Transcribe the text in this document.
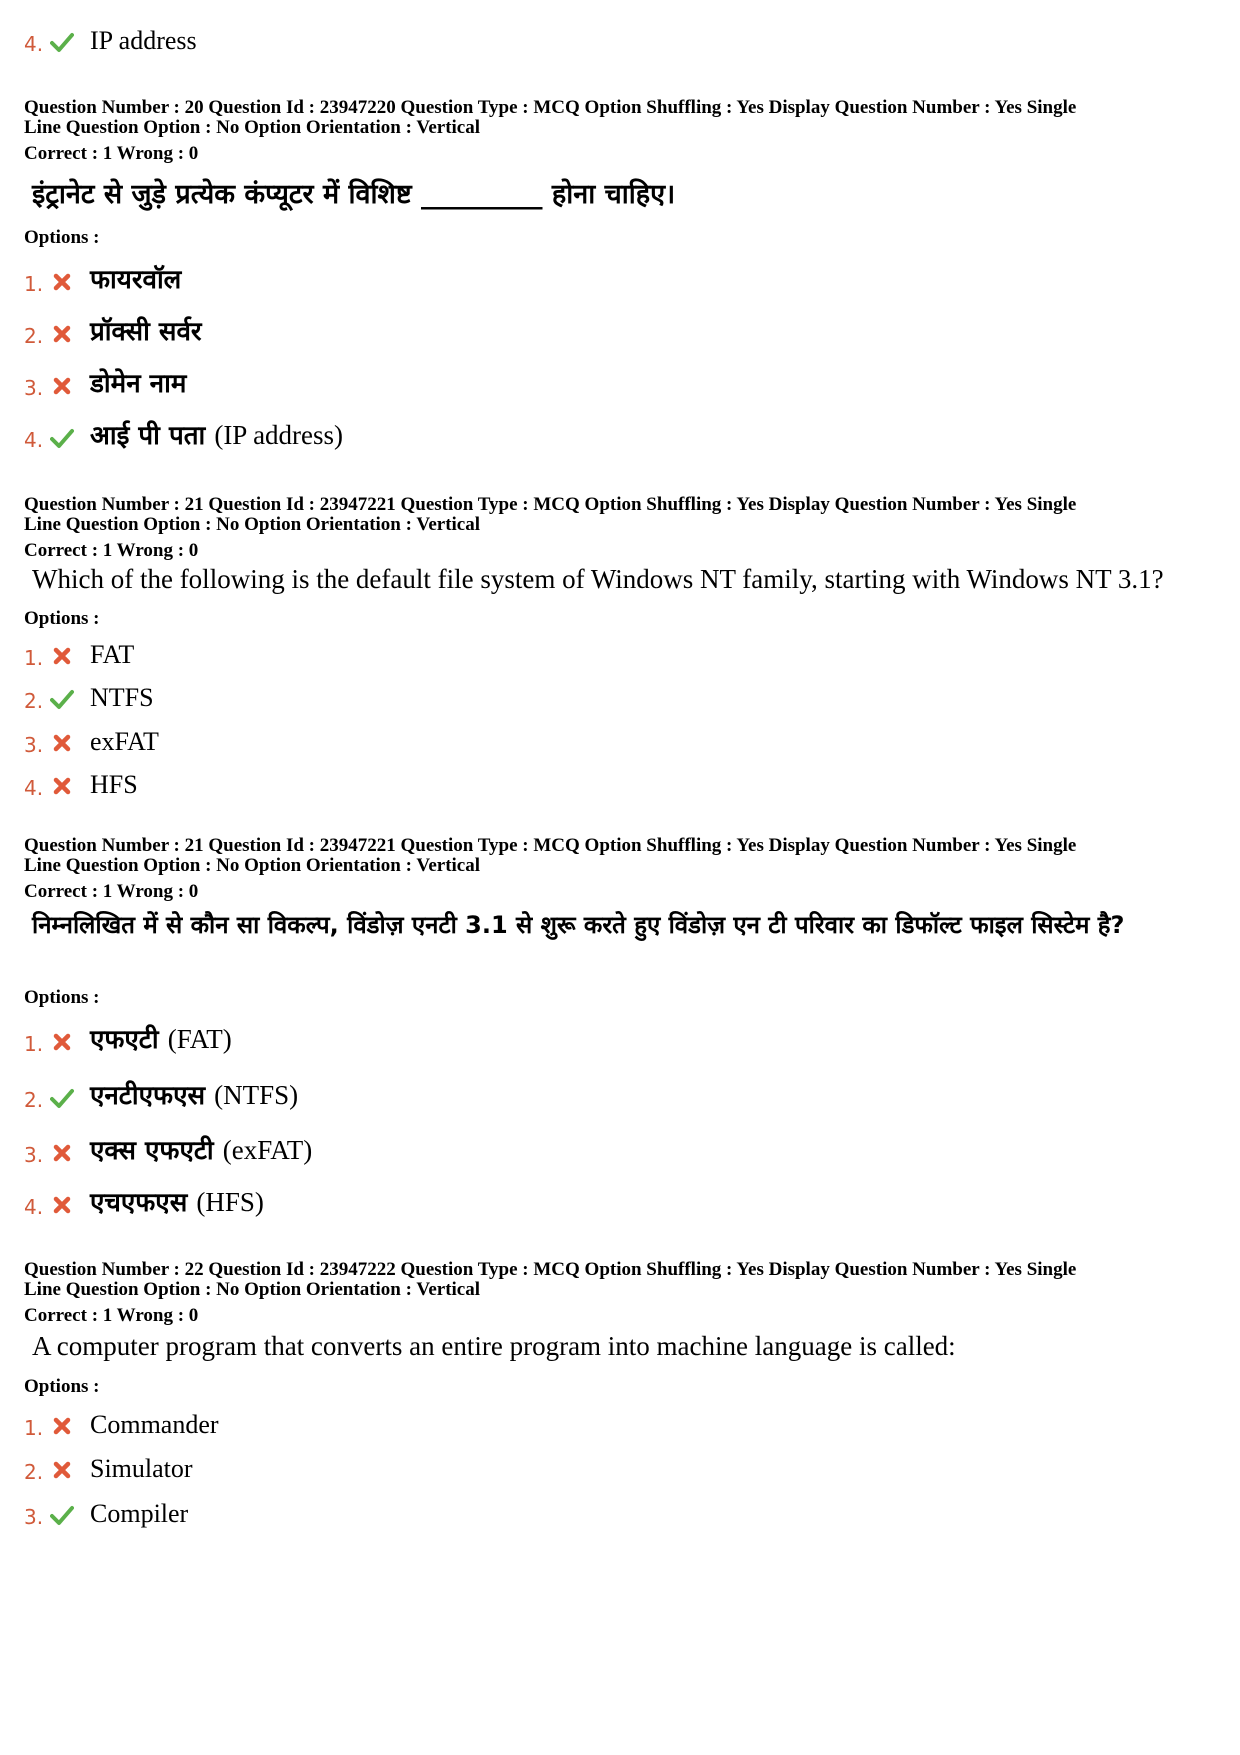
4. IP address
Question Number : 20 Question Id : 23947220 Question Type : MCQ Option Shuffling : Yes Display Question Number : Yes Single
Line Question Option : No Option Orientation : Vertical
Correct : 1 Wrong : 0
इंट्रानेट से जुड़े प्रत्येक कंप्यूटर में विशिष्ट _________ होना चाहिए।
Options :
1. फायरवॉल
2. प्रॉक्सी सर्वर
3. डोमेन नाम
4. आई पी पता (IP address)
Question Number : 21 Question Id : 23947221 Question Type : MCQ Option Shuffling : Yes Display Question Number : Yes Single
Line Question Option : No Option Orientation : Vertical
Correct : 1 Wrong : 0
Which of the following is the default file system of Windows NT family, starting with Windows NT 3.1?
Options :
1. FAT
2. NTFS
3. exFAT
4. HFS
Question Number : 21 Question Id : 23947221 Question Type : MCQ Option Shuffling : Yes Display Question Number : Yes Single
Line Question Option : No Option Orientation : Vertical
Correct : 1 Wrong : 0
निम्नलिखित में से कौन सा विकल्प, विंडोज़ एनटी 3.1 से शुरू करते हुए विंडोज़ एन टी परिवार का डिफॉल्ट फाइल सिस्टेम है?
Options :
1. एफएटी (FAT)
2. एनटीएफएस (NTFS)
3. एक्स एफएटी (exFAT)
4. एचएफएस (HFS)
Question Number : 22 Question Id : 23947222 Question Type : MCQ Option Shuffling : Yes Display Question Number : Yes Single
Line Question Option : No Option Orientation : Vertical
Correct : 1 Wrong : 0
A computer program that converts an entire program into machine language is called:
Options :
1. Commander
2. Simulator
3. Compiler
